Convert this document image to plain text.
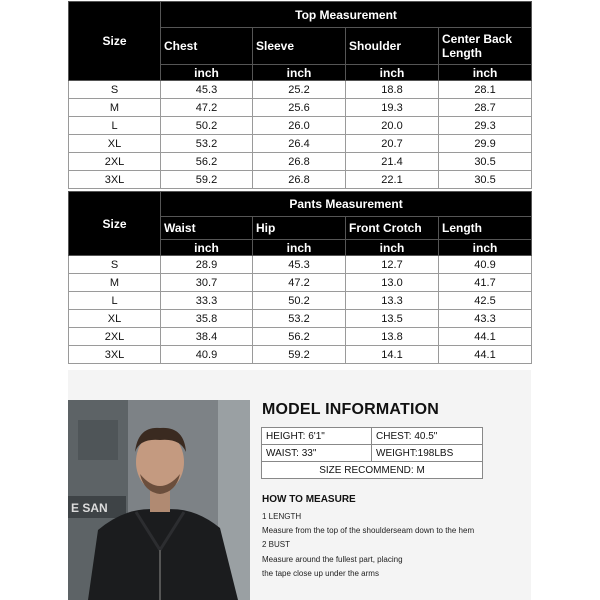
Size	Top Measurement			
	Chest	Sleeve	Shoulder	Center Back Length
	inch	inch	inch	inch
S	45.3	25.2	18.8	28.1
M	47.2	25.6	19.3	28.7
L	50.2	26.0	20.0	29.3
XL	53.2	26.4	20.7	29.9
2XL	56.2	26.8	21.4	30.5
3XL	59.2	26.8	22.1	30.5
Size	Pants Measurement			
	Waist	Hip	Front Crotch	Length
	inch	inch	inch	inch
S	28.9	45.3	12.7	40.9
M	30.7	47.2	13.0	41.7
L	33.3	50.2	13.3	42.5
XL	35.8	53.2	13.5	43.3
2XL	38.4	56.2	13.8	44.1
3XL	40.9	59.2	14.1	44.1
E SAN
MODEL INFORMATION
HEIGHT: 6'1"	CHEST: 40.5"
WAIST: 33"	WEIGHT:198LBS
SIZE RECOMMEND: M	
HOW TO MEASURE
1 LENGTH
Measure from the top of the shoulderseam down to the hem
2 BUST
Measure around the fullest part, placing
the tape close up under the arms
